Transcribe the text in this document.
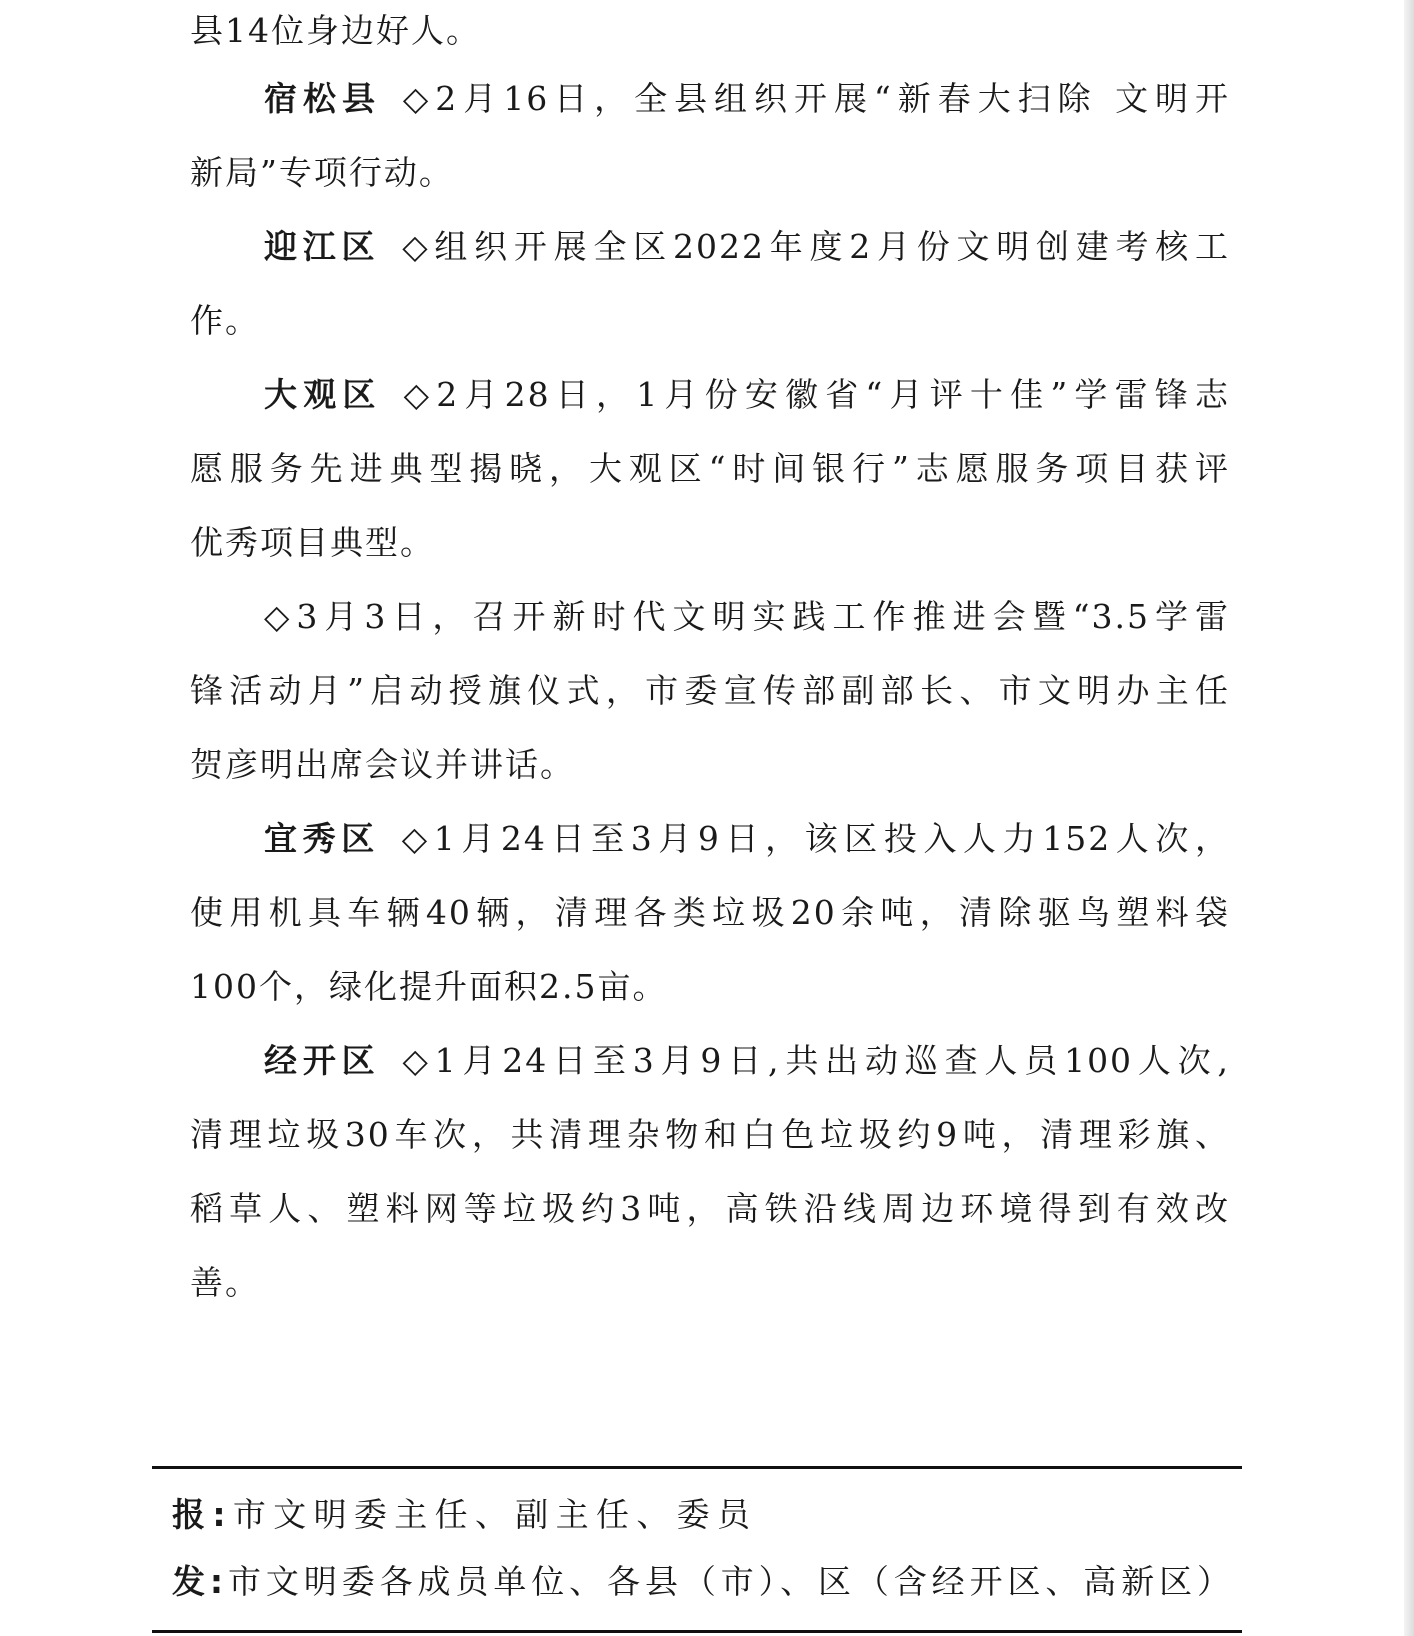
县14位身边好人。
宿松县 ◇2月16日，全县组织开展“新春大扫除 文明开
新局”专项行动。
迎江区 ◇组织开展全区2022年度2月份文明创建考核工
作。
大观区 ◇2月28日，1月份安徽省“月评十佳”学雷锋志
愿服务先进典型揭晓，大观区“时间银行”志愿服务项目获评
优秀项目典型。
◇3月3日，召开新时代文明实践工作推进会暨“3.5学雷
锋活动月”启动授旗仪式，市委宣传部副部长、市文明办主任
贺彦明出席会议并讲话。
宜秀区 ◇1月24日至3月9日，该区投入人力152人次，
使用机具车辆40辆，清理各类垃圾20余吨，清除驱鸟塑料袋
100个，绿化提升面积2.5亩。
经开区 ◇1月24日至3月9日,共出动巡查人员100人次,
清理垃圾30车次，共清理杂物和白色垃圾约9吨，清理彩旗、
稻草人、塑料网等垃圾约3吨，高铁沿线周边环境得到有效改
善。
报:市文明委主任、副主任、委员
发:市文明委各成员单位、各县（市）、区（含经开区、高新区）
